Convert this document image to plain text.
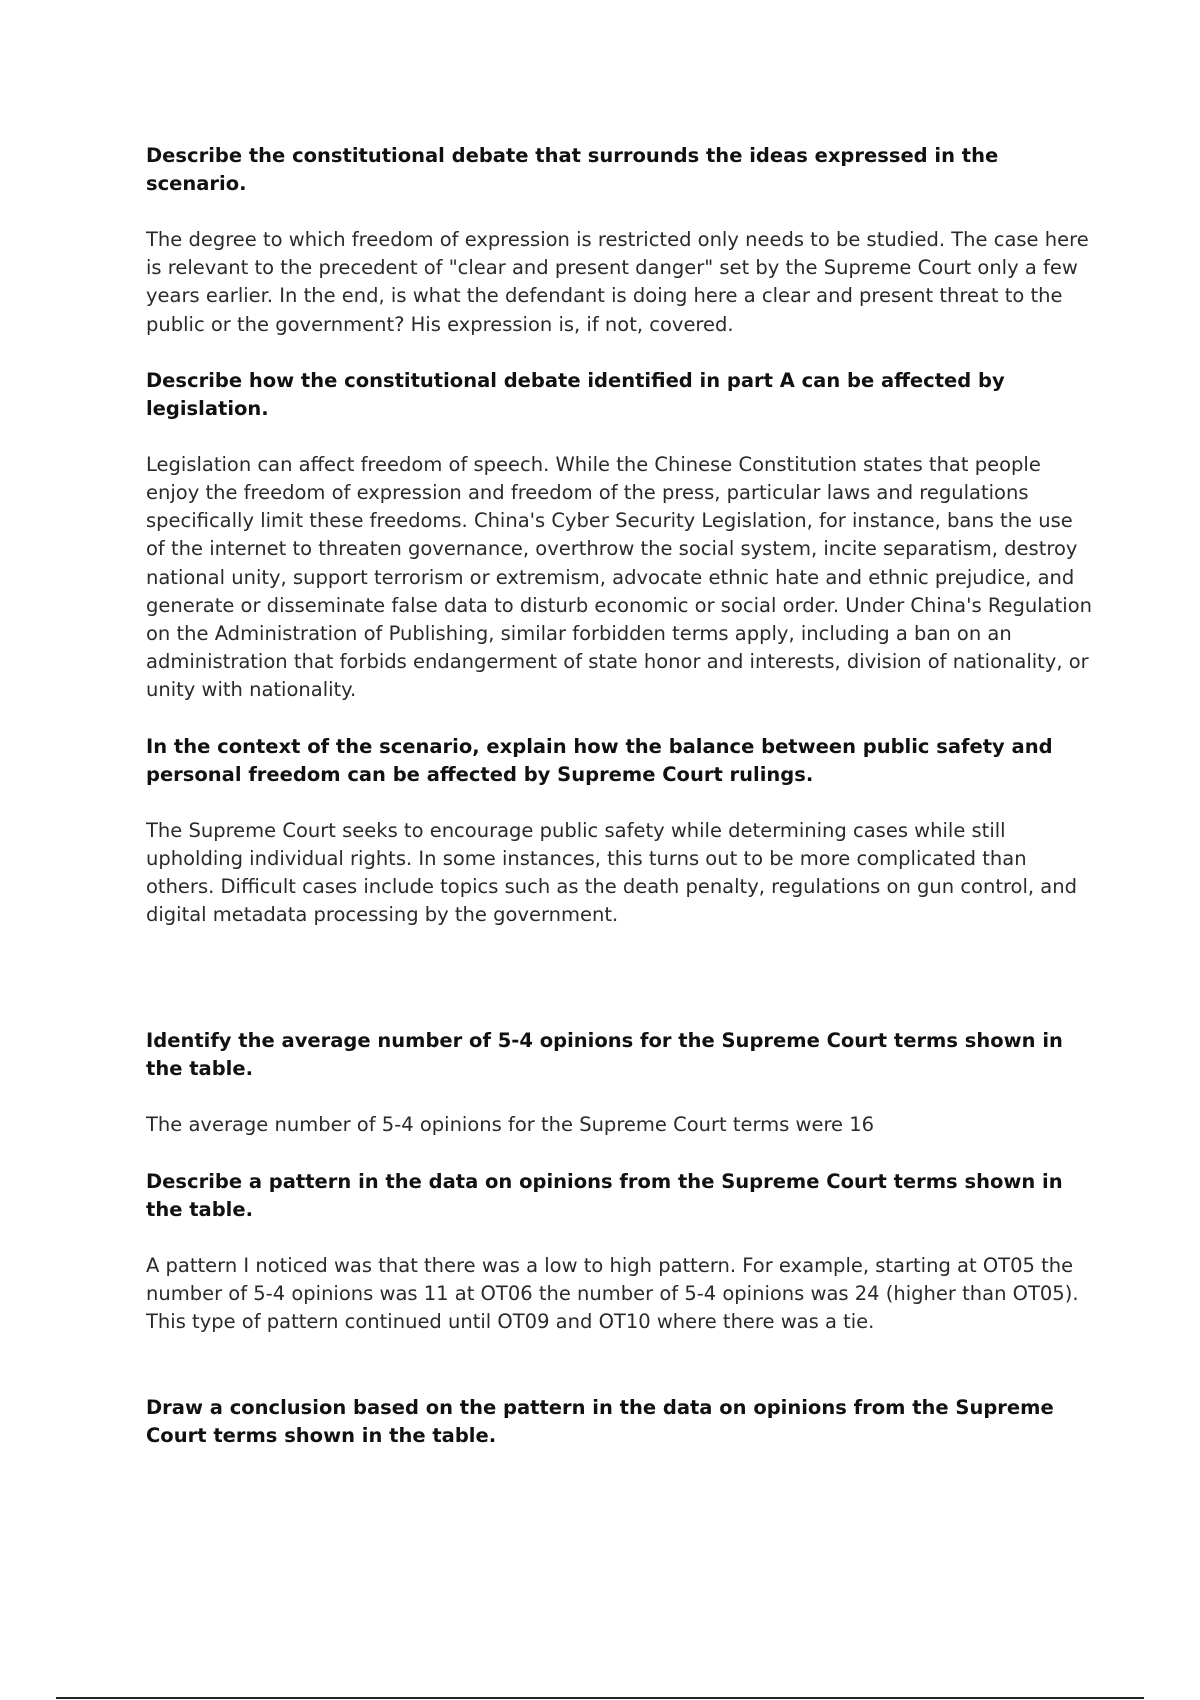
Describe the constitutional debate that surrounds the ideas expressed in the scenario.

The degree to which freedom of expression is restricted only needs to be studied. The case here is relevant to the precedent of "clear and present danger" set by the Supreme Court only a few years earlier. In the end, is what the defendant is doing here a clear and present threat to the public or the government? His expression is, if not, covered.

Describe how the constitutional debate identified in part A can be affected by legislation.

Legislation can affect freedom of speech. While the Chinese Constitution states that people enjoy the freedom of expression and freedom of the press, particular laws and regulations specifically limit these freedoms. China's Cyber Security Legislation, for instance, bans the use of the internet to threaten governance, overthrow the social system, incite separatism, destroy national unity, support terrorism or extremism, advocate ethnic hate and ethnic prejudice, and generate or disseminate false data to disturb economic or social order. Under China's Regulation on the Administration of Publishing, similar forbidden terms apply, including a ban on an administration that forbids endangerment of state honor and interests, division of nationality, or unity with nationality.

In the context of the scenario, explain how the balance between public safety and personal freedom can be affected by Supreme Court rulings.

The Supreme Court seeks to encourage public safety while determining cases while still upholding individual rights. In some instances, this turns out to be more complicated than others. Difficult cases include topics such as the death penalty, regulations on gun control, and digital metadata processing by the government.

Identify the average number of 5-4 opinions for the Supreme Court terms shown in the table.

The average number of 5-4 opinions for the Supreme Court terms were 16

Describe a pattern in the data on opinions from the Supreme Court terms shown in the table.

A pattern I noticed was that there was a low to high pattern. For example, starting at OT05 the number of 5-4 opinions was 11 at OT06 the number of 5-4 opinions was 24 (higher than OT05). This type of pattern continued until OT09 and OT10 where there was a tie.

Draw a conclusion based on the pattern in the data on opinions from the Supreme Court terms shown in the table.
